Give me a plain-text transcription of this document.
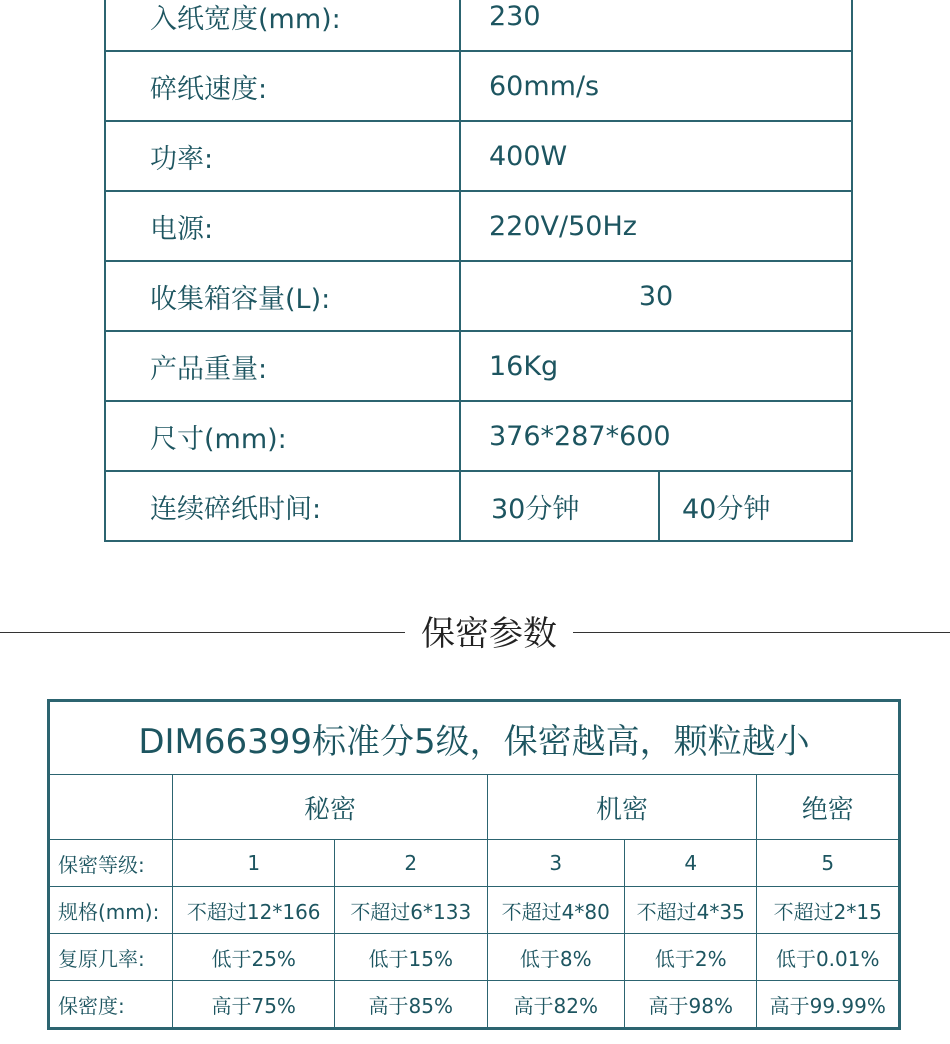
入纸宽度(mm):	230	
碎纸速度:	60mm/s	
功率:	400W	
电源:	220V/50Hz	
收集箱容量(L):	30	
产品重量:	16Kg	
尺寸(mm):	376*287*600	
连续碎纸时间:	30分钟	40分钟
保密参数
DIM66399标准分5级，保密越高，颗粒越小					
	秘密		机密		绝密
保密等级:	1	2	3	4	5
规格(mm):	不超过12*166	不超过6*133	不超过4*80	不超过4*35	不超过2*15
复原几率:	低于25%	低于15%	低于8%	低于2%	低于0.01%
保密度:	高于75%	高于85%	高于82%	高于98%	高于99.99%
